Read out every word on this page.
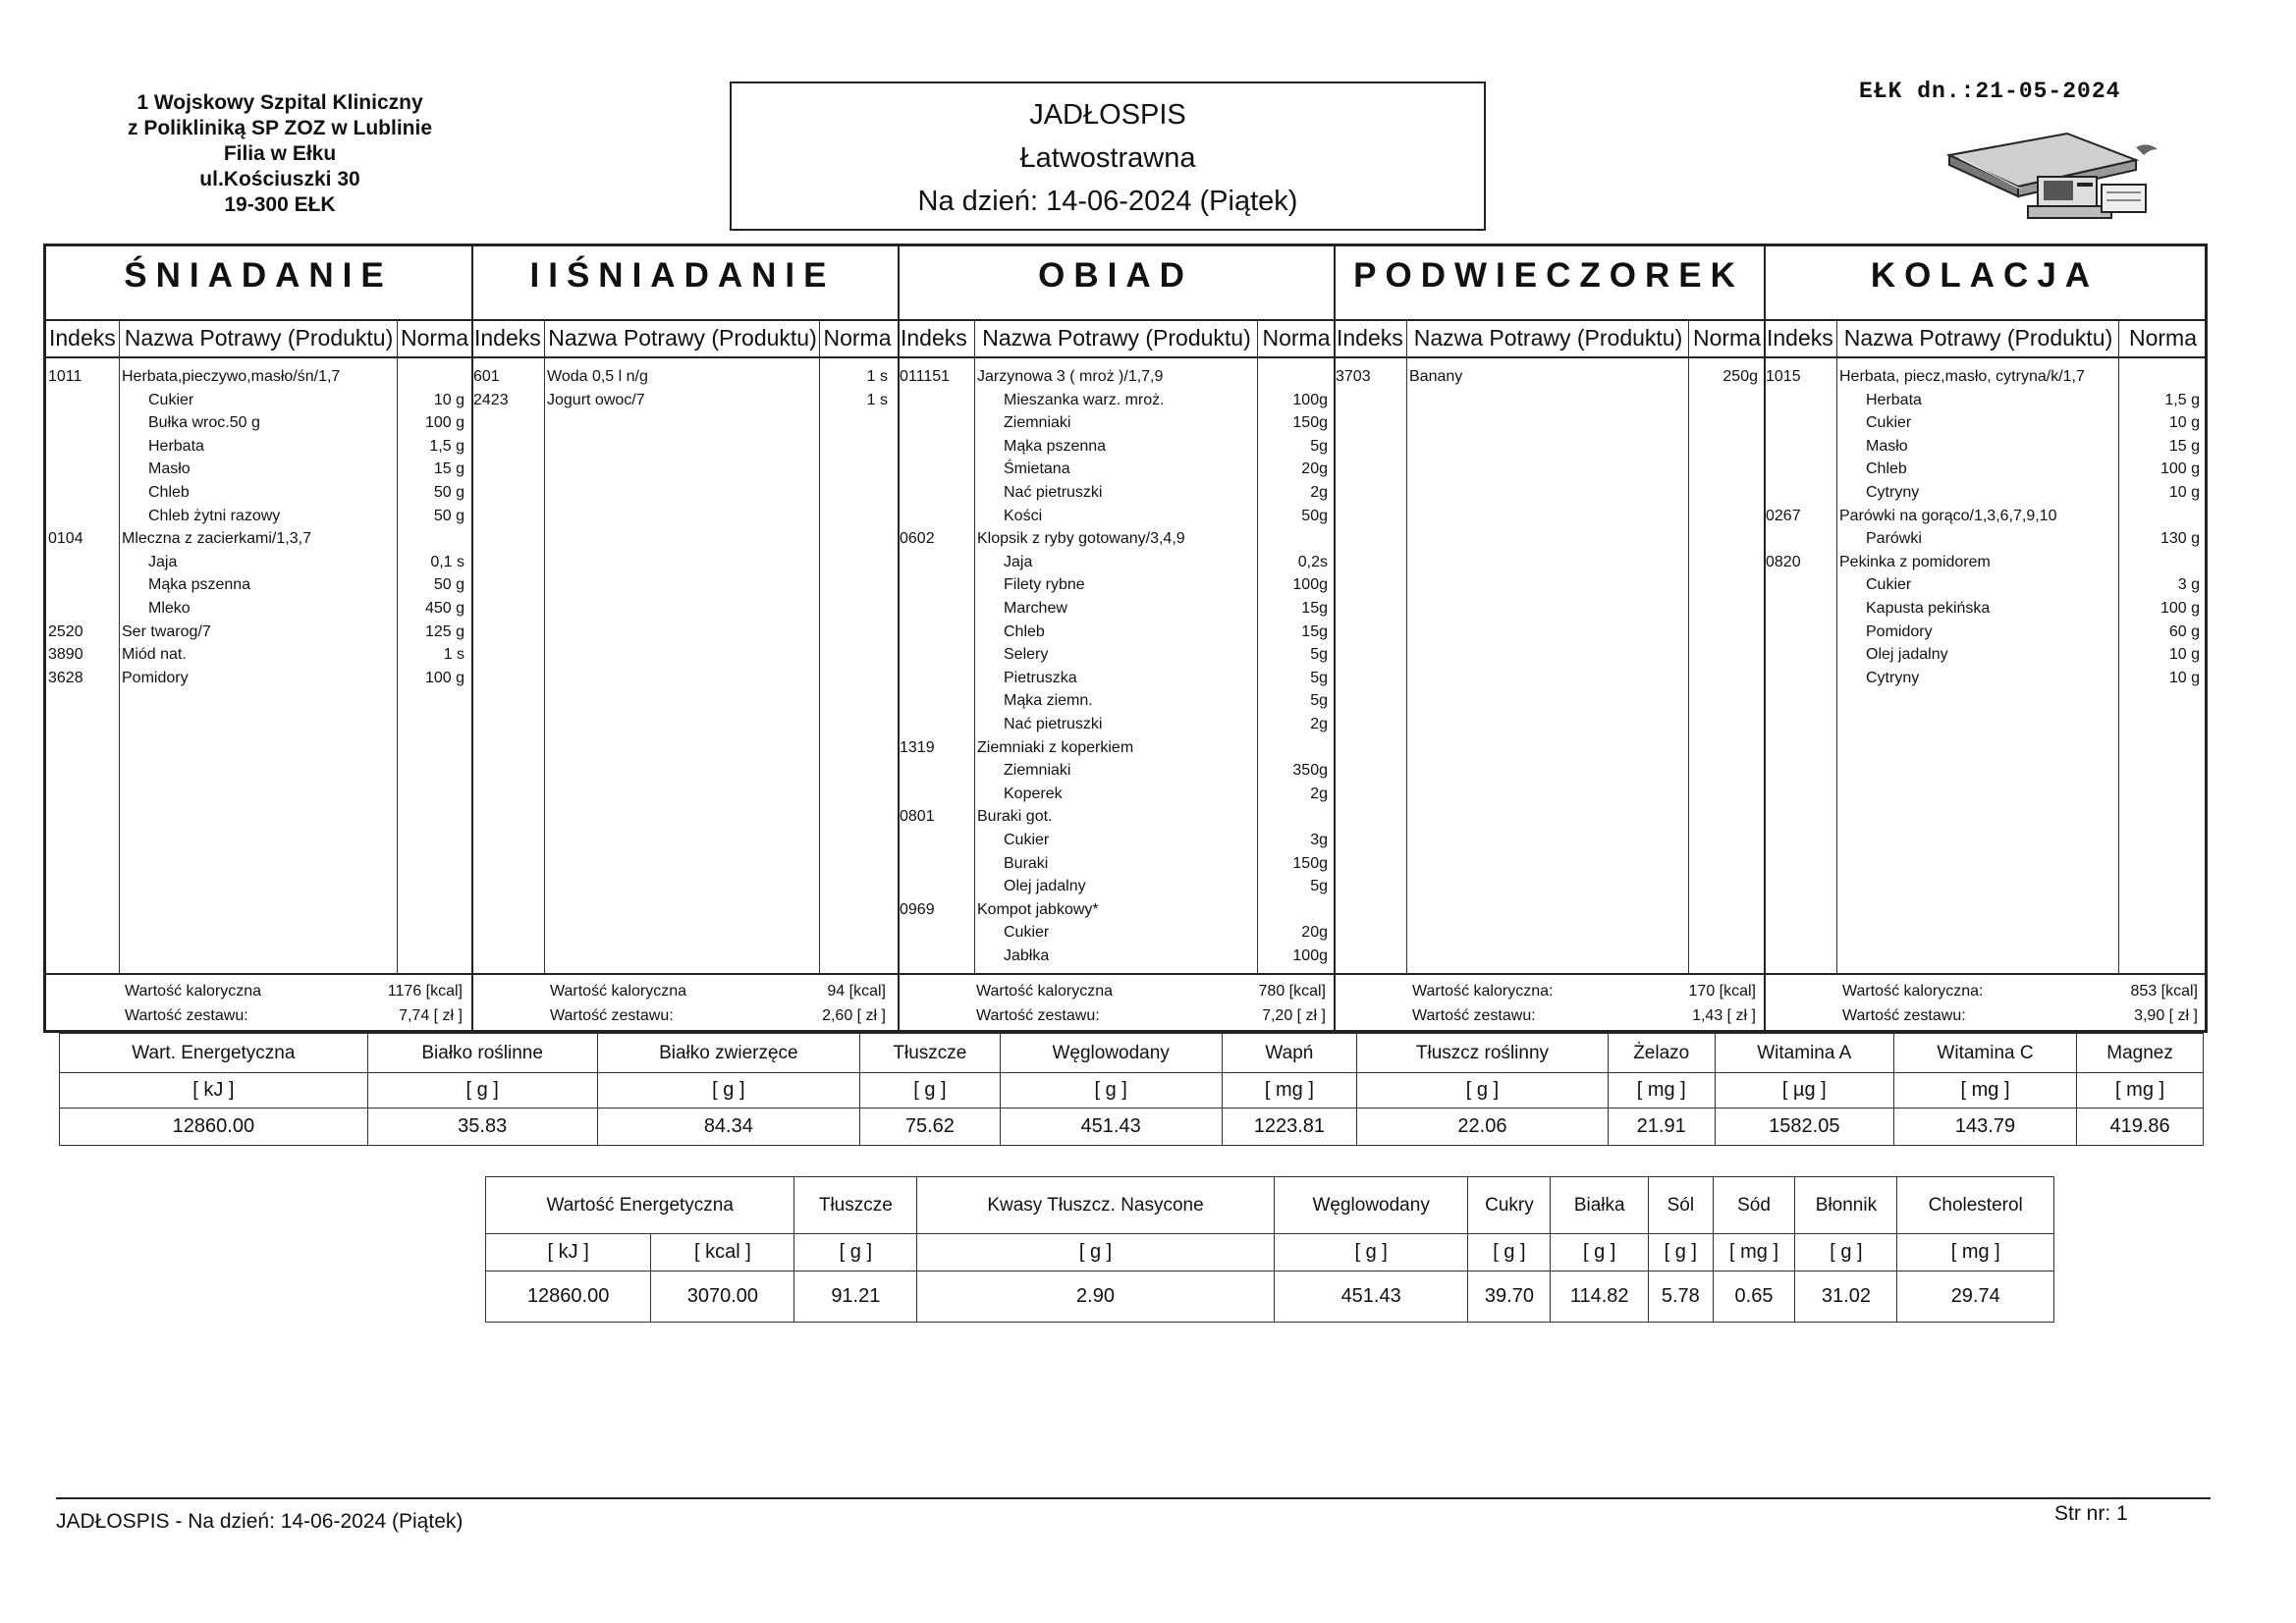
1 Wojskowy Szpital Kliniczny
z Polikliniką SP ZOZ w Lublinie
Filia w Ełku
ul.Kościuszki 30
19-300 EŁK
JADŁOSPIS
Łatwostrawna
Na dzień: 14-06-2024 (Piątek)
EŁK dn.:21-05-2024
ŚNIADANIE
Indeks Nazwa Potrawy (Produktu) Norma
1011	Herbata,pieczywo,masło/śn/1,7
Cukier	10 g
Bułka wroc.50 g	100 g
Herbata	1,5 g
Masło	15 g
Chleb	50 g
Chleb żytni razowy	50 g
0104 Mleczna z zacierkami/1,3,7
Jaja	0,1 s
Mąka pszenna	50 g
Mleko	450 g
2520 Ser twarog/7	125 g
3890 Miód nat.	1 s
3628 Pomidory	100 g
Wartość kaloryczna	1176 [kcal]
Wartość zestawu:	7,74 [ zł ]
IIŚNIADANIE
Indeks Nazwa Potrawy (Produktu) Norma
601	Woda 0,5 l n/g	1 s
2423 Jogurt owoc/7	1 s
Wartość kaloryczna	94 [kcal]
Wartość zestawu:	2,60 [ zł ]
OBIAD
Indeks Nazwa Potrawy (Produktu) Norma
011151 Jarzynowa 3 ( mroż )/1,7,9
Mieszanka warz. mroż.	100g
Ziemniaki	150g
Mąka pszenna	5g
Śmietana	20g
Nać pietruszki	2g
Kości	50g
0602	Klopsik z ryby gotowany/3,4,9
Jaja	0,2s
Filety rybne	100g
Marchew	15g
Chleb	15g
Selery	5g
Pietruszka	5g
Mąka ziemn.	5g
Nać pietruszki	2g
1319	Ziemniaki z koperkiem
Ziemniaki	350g
Koperek	2g
0801	Buraki got.
Cukier	3g
Buraki	150g
Olej jadalny	5g
0969	Kompot jabkowy*
Cukier	20g
Jabłka	100g
Wartość kaloryczna	780 [kcal]
Wartość zestawu:	7,20 [ zł ]
PODWIECZOREK
Indeks Nazwa Potrawy (Produktu) Norma
3703 Banany	250g
Wartość kaloryczna:	170 [kcal]
Wartość zestawu:	1,43 [ zł ]
KOLACJA
Indeks Nazwa Potrawy (Produktu) Norma
1015 Herbata, piecz,masło, cytryna/k/1,7
Herbata	1,5 g
Cukier	10 g
Masło	15 g
Chleb	100 g
Cytryny	10 g
0267 Parówki na gorąco/1,3,6,7,9,10
Parówki	130 g
0820 Pekinka z pomidorem
Cukier	3 g
Kapusta pekińska	100 g
Pomidory	60 g
Olej jadalny	10 g
Cytryny	10 g
Wartość kaloryczna:	853 [kcal]
Wartość zestawu:	3,90 [ zł ]
Wart. Energetyczna	Białko roślinne	Białko zwierzęce	Tłuszcze	Węglowodany	Wapń	Tłuszcz roślinny	Żelazo	Witamina A	Witamina C	Magnez
[ kJ ]	[ g ]	[ g ]	[ g ]	[ g ]	[ mg ]	[ g ]	[ mg ]	[ µg ]	[ mg ]	[ mg ]
12860.00	35.83	84.34	75.62	451.43	1223.81	22.06	21.91	1582.05	143.79	419.86
Wartość Energetyczna		Tłuszcze	Kwasy Tłuszcz. Nasycone	Węglowodany	Cukry	Białka	Sól	Sód	Błonnik	Cholesterol
[ kJ ]	[ kcal ]	[ g ]	[ g ]	[ g ]	[ g ]	[ g ]	[ g ]	[ mg ]	[ g ]	[ mg ]
12860.00	3070.00	91.21	2.90	451.43	39.70	114.82	5.78	0.65	31.02	29.74
JADŁOSPIS - Na dzień: 14-06-2024 (Piątek)	Str nr: 1
